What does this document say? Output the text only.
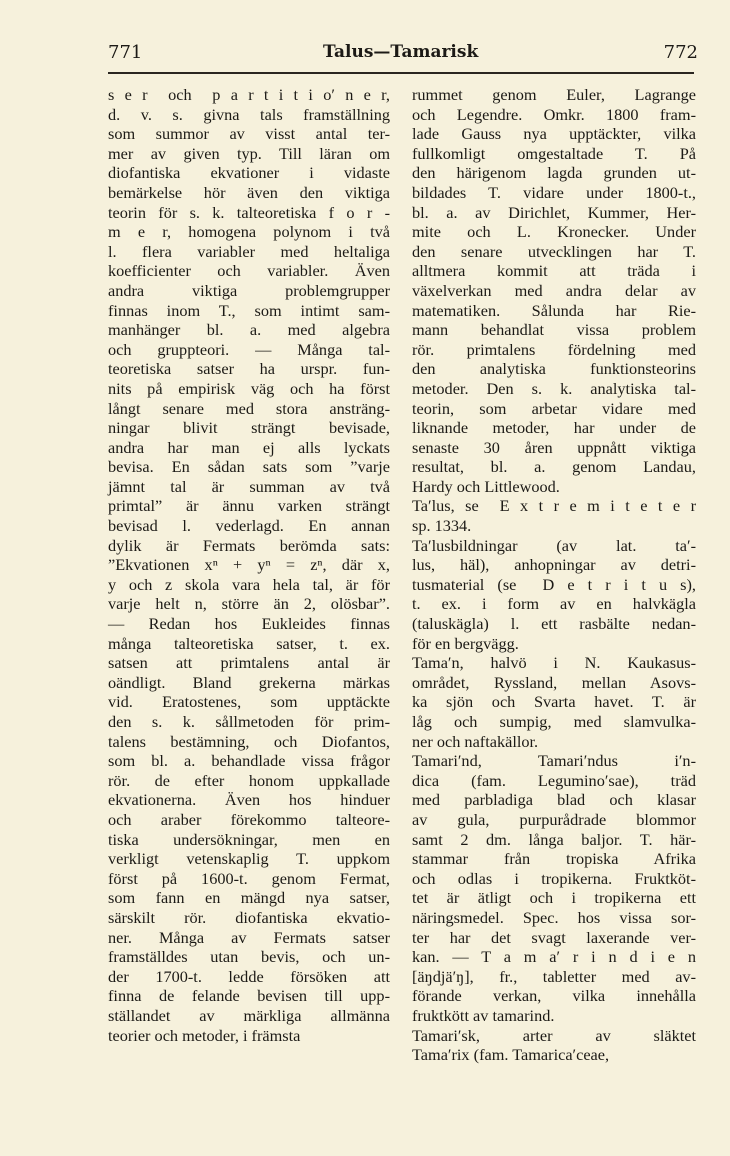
771	Talus—Tamarisk	772
s e r  och  p a r t i t i o′ n e r,
d. v. s. givna tals framställning
som summor av visst antal ter-
mer av given typ. Till läran om
diofantiska ekvationer i vidaste
bemärkelse hör även den viktiga
teorin för s. k. talteoretiska f o r -
m e r, homogena polynom i två
l. flera variabler med heltaliga
koefficienter och variabler. Även
andra viktiga problemgrupper
finnas inom T., som intimt sam-
manhänger bl. a. med algebra
och gruppteori. — Många tal-
teoretiska satser ha urspr. fun-
nits på empirisk väg och ha först
långt senare med stora ansträng-
ningar blivit strängt bevisade,
andra har man ej alls lyckats
bevisa. En sådan sats som ”varje
jämnt tal är summan av två
primtal” är ännu varken strängt
bevisad l. vederlagd. En annan
dylik är Fermats berömda sats:
”Ekvationen xⁿ + yⁿ = zⁿ, där x,
y och z skola vara hela tal, är för
varje helt n, större än 2, olösbar”.
— Redan hos Eukleides finnas
många talteoretiska satser, t. ex.
satsen att primtalens antal är
oändligt. Bland grekerna märkas
vid. Eratostenes, som upptäckte
den s. k. sållmetoden för prim-
talens bestämning, och Diofantos,
som bl. a. behandlade vissa frågor
rör. de efter honom uppkallade
ekvationerna. Även hos hinduer
och araber förekommo talteore-
tiska undersökningar, men en
verkligt vetenskaplig T. uppkom
först på 1600-t. genom Fermat,
som fann en mängd nya satser,
särskilt rör. diofantiska ekvatio-
ner. Många av Fermats satser
framställdes utan bevis, och un-
der 1700-t. ledde försöken att
finna de felande bevisen till upp-
ställandet av märkliga allmänna
teorier och metoder, i främsta
rummet genom Euler, Lagrange
och Legendre. Omkr. 1800 fram-
lade Gauss nya upptäckter, vilka
fullkomligt omgestaltade T. På
den härigenom lagda grunden ut-
bildades T. vidare under 1800-t.,
bl. a. av Dirichlet, Kummer, Her-
mite och L. Kronecker. Under
den senare utvecklingen har T.
alltmera kommit att träda i
växelverkan med andra delar av
matematiken. Sålunda har Rie-
mann behandlat vissa problem
rör. primtalens fördelning med
den analytiska funktionsteorins
metoder. Den s. k. analytiska tal-
teorin, som arbetar vidare med
liknande metoder, har under de
senaste 30 åren uppnått viktiga
resultat, bl. a. genom Landau,
Hardy och Littlewood.
Ta′lus, se  E x t r e m i t e t e r
sp. 1334.
Ta′lusbildningar (av lat. ta′-
lus, häl), anhopningar av detri-
tusmaterial (se  D e t r i t u s),
t. ex. i form av en halvkägla
(taluskägla) l. ett rasbälte nedan-
för en bergvägg.
Tama′n, halvö i N. Kaukasus-
området, Ryssland, mellan Asovs-
ka sjön och Svarta havet. T. är
låg och sumpig, med slamvulka-
ner och naftakällor.
Tamari′nd, Tamari′ndus i′n-
dica (fam. Legumino′sae), träd
med parbladiga blad och klasar
av gula, purpurådrade blommor
samt 2 dm. långa baljor. T. här-
stammar från tropiska Afrika
och odlas i tropikerna. Fruktköt-
tet är ätligt och i tropikerna ett
näringsmedel. Spec. hos vissa sor-
ter har det svagt laxerande ver-
kan. — T a m a′ r i n d i e n
[äŋdjä′ŋ], fr., tabletter med av-
förande verkan, vilka innehålla
fruktkött av tamarind.
Tamari′sk, arter av släktet
Tama′rix (fam. Tamarica′ceae,
